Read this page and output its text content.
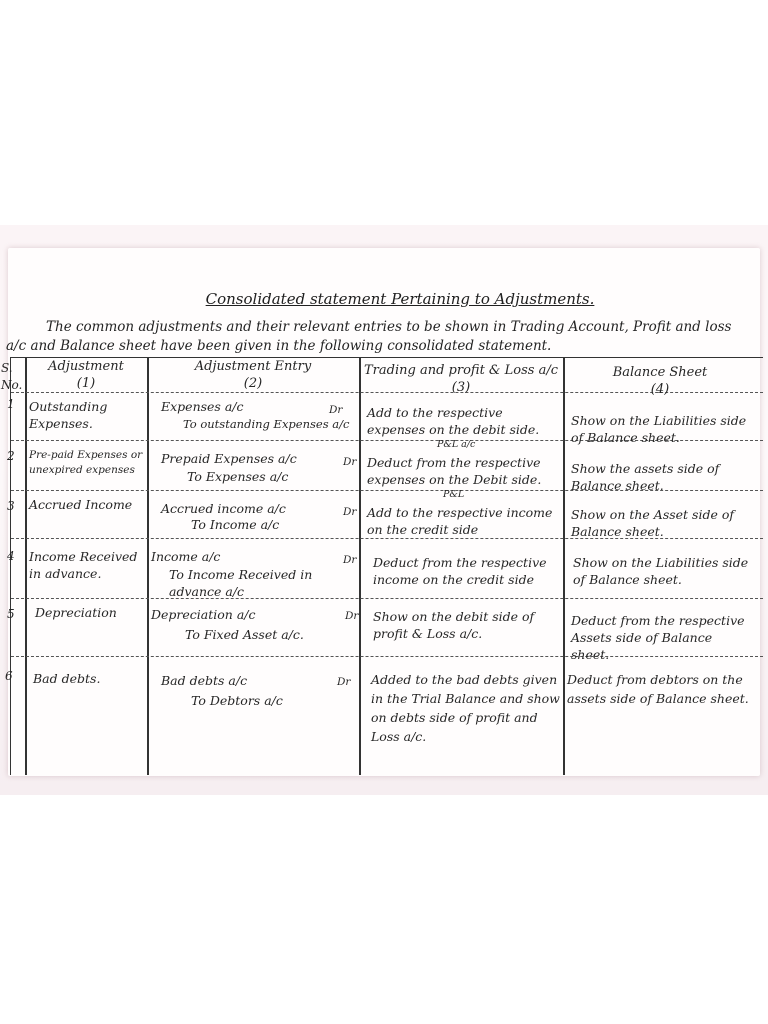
Consolidated statement Pertaining to Adjustments.
The common adjustments and their relevant entries to be shown in Trading Account, Profit and loss a/c and Balance sheet have been given in the following consolidated statement.
S. No.
Adjustment
(1)
Adjustment Entry
(2)
Trading and profit & Loss a/c
(3)
Balance Sheet
(4)
1 Outstanding Expenses.
Expenses a/c	Dr
To outstanding Expenses a/c
Add to the respective expenses on the debit side.
Show on the Liabilities side of Balance sheet.
2 Pre-paid Expenses or unexpired expenses
Prepaid Expenses a/c	Dr
To Expenses a/c
P&L a/c
Deduct from the respective expenses on the Debit side.
Show the assets side of Balance sheet.
3 Accrued Income	Accrued income a/c	Dr
To Income a/c
P&L
Add to the respective income on the credit side
Show on the Asset side of Balance sheet.
4 Income Received in advance.
Income a/c	Dr
To Income Received in advance a/c
Deduct from the respective income on the credit side
Show on the Liabilities side of Balance sheet.
5 Depreciation	Depreciation a/c	Dr
To Fixed Asset a/c.
Show on the debit side of profit & Loss a/c.
Deduct from the respective Assets side of Balance sheet.
6 Bad debts.	Bad debts a/c	Dr
To Debtors a/c
Added to the bad debts given in the Trial Balance and show on debts side of profit and Loss a/c.
Deduct from debtors on the assets side of Balance sheet.
